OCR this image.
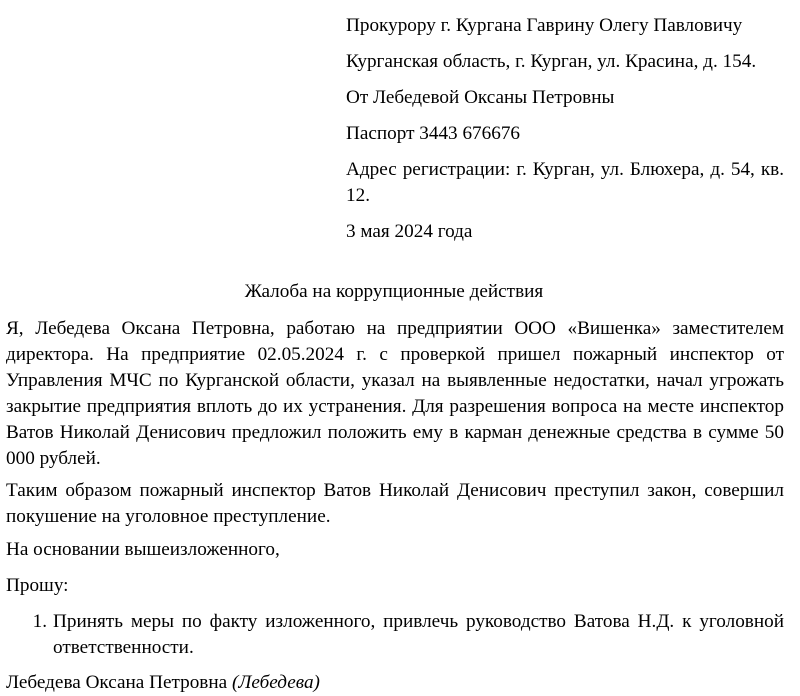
Прокурору г. Кургана Гаврину Олегу Павловичу

Курганская область, г. Курган, ул. Красина, д. 154.

От Лебедевой Оксаны Петровны

Паспорт 3443 676676

Адрес регистрации: г. Курган, ул. Блюхера, д. 54, кв. 12.

3 мая 2024 года

Жалоба на коррупционные действия

Я, Лебедева Оксана Петровна, работаю на предприятии ООО «Вишенка» заместителем директора. На предприятие 02.05.2024 г. с проверкой пришел пожарный инспектор от Управления МЧС по Курганской области, указал на выявленные недостатки, начал угрожать закрытие предприятия вплоть до их устранения. Для разрешения вопроса на месте инспектор Ватов Николай Денисович предложил положить ему в карман денежные средства в сумме 50 000 рублей.

Таким образом пожарный инспектор Ватов Николай Денисович преступил закон, совершил покушение на уголовное преступление.

На основании вышеизложенного,

Прошу:

1. Принять меры по факту изложенного, привлечь руководство Ватова Н.Д. к уголовной ответственности.
Лебедева Оксана Петровна (Лебедева)
